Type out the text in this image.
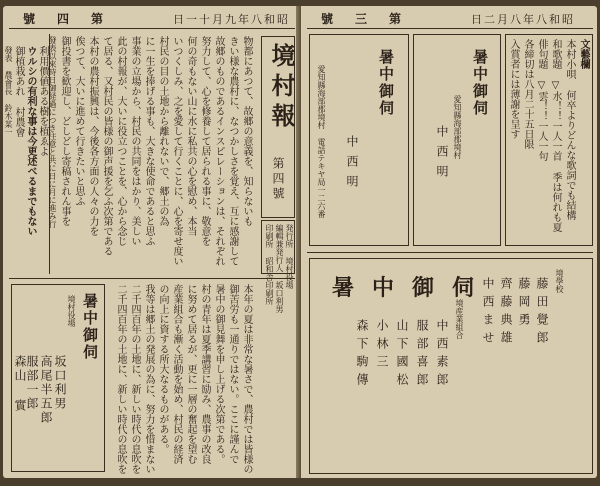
號四第	日一十月九年八和昭
境村報
第四號
発行所 境村役場
編輯兼発行人 坂口利男
印刷所 昭和舎印刷所
物都にあつて、故郷の意義を、知らないも
きい様な農村に、なつかしさを覚え、互に感謝して
故郷のものであるインスピレーションは、それぞれ
努力して、心を修養して居られる事に、敬意を
何の奇もない山に水に私共の心を慰め、本当
いつくしみ、之を愛して行くことに、心を寄せ度い
村民の目の土地から離れないで、郷土の為
に一生を捧げる事も、大きな使命であると思ふ
事業の立場から、村民の共同をはかり、美しい
此の村報が、大いに役立つことを、心から念じ
て居る、又村民の皆様の御声援を乞ふ次第である
本村の農村振興は、今後各方面の人々の力を
俟つて、大いに進めて行きたいと思ふ
御投書を歓迎し、どしどし寄稿されん事を
利用價値ある樹を植ゑよ
ウルシの有利な事は今更述べるまでもない
御植栽あれ 村農會
發表 農會長 鈴木某一	發表以來時日御経過につき注意と共に日に月に進み行
本年の夏は非常な暑さで、農村では皆様の
御苦労も一通りではない。ここに謹んで
暑中の御見舞を申し上げる次第である。
村の青年は夏季講習に励み、農事の改良
に努めて居るが、更に一層の奮起を望む
産業組合も漸く活動を始め、村民の経済
の向上に資する所大なるものがある。
我等は郷土の発展の為に、努力を惜まない
二千四百年の土地に、新しい時代の息吹を
二千四百年の土地に、新しい時代の息吹を
暑中御伺
境村役場
坂口利男
高尾半五郎
服部一郎
森山 實
號三第	日二月八年八和昭
文藝欄
本村小唄 何卒よりどんな歌詞でも結構
和歌題 ▽水！！一人一首 季は何れも夏
俳句題 ▽雲！！一人一句
各締切は八月二十五日限
入賞者には薄謝を呈す
暑中御伺
愛知縣海部郡境村
中西明
暑中御伺
愛知縣海部郡境村 電話テキヤ局一二六番 中西明
暑中御伺	境學校
藤田覺郎
藤岡勇
齊藤典雄
中西ませ
境産業組合
中西素郎
服部喜郎
山下國松
小林三
森下駒傳
